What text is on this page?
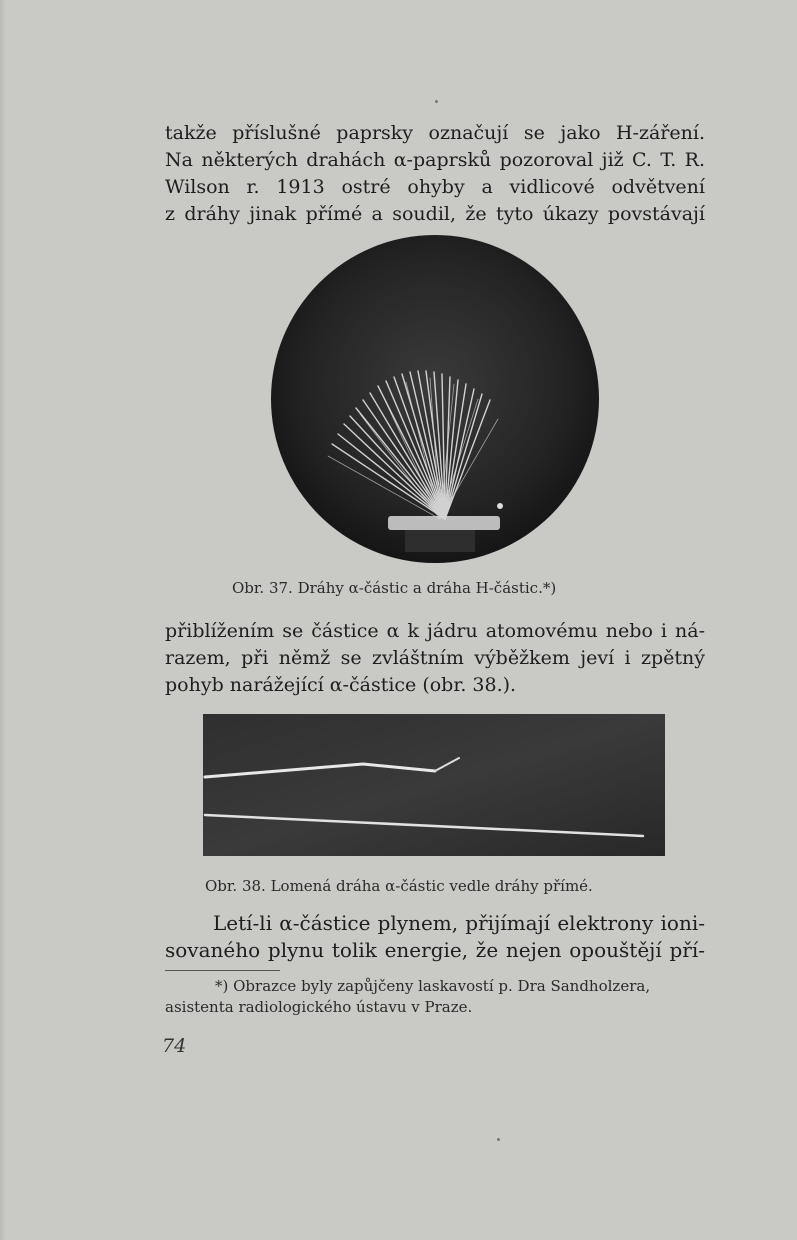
takže příslušné paprsky označují se jako H-záření.
Na některých drahách α-paprsků pozoroval již C. T. R.
Wilson r. 1913 ostré ohyby a vidlicové odvětvení
z dráhy jinak přímé a soudil, že tyto úkazy povstávají
Obr. 37. Dráhy α-částic a dráha H-částic.*)
přiblížením se částice α k jádru atomovému nebo i ná-
razem, při němž se zvláštním výběžkem jeví i zpětný
pohyb narážející α-částice (obr. 38.).
Obr. 38. Lomená dráha α-částic vedle dráhy přímé.
Letí-li α-částice plynem, přijímají elektrony ioni-
sovaného plynu tolik energie, že nejen opouštějí pří-
*) Obrazce byly zapůjčeny laskavostí p. Dra Sandholzera,
asistenta radiologického ústavu v Praze.
74
